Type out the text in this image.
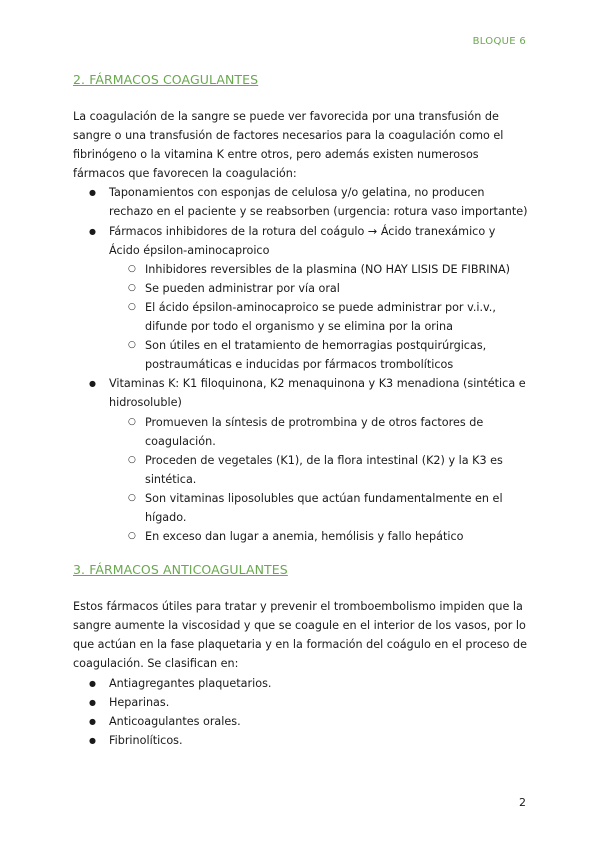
BLOQUE 6
2. FÁRMACOS COAGULANTES

La coagulación de la sangre se puede ver favorecida por una transfusión de sangre o una transfusión de factores necesarios para la coagulación como el fibrinógeno o la vitamina K entre otros, pero además existen numerosos fármacos que favorecen la coagulación:

● Taponamientos con esponjas de celulosa y/o gelatina, no producen rechazo en el paciente y se reabsorben (urgencia: rotura vaso importante)
● Fármacos inhibidores de la rotura del coágulo → Ácido tranexámico y Ácido épsilon-aminocaproico
○ Inhibidores reversibles de la plasmina (NO HAY LISIS DE FIBRINA)
○ Se pueden administrar por vía oral
○ El ácido épsilon-aminocaproico se puede administrar por v.i.v., difunde por todo el organismo y se elimina por la orina
○ Son útiles en el tratamiento de hemorragias postquirúrgicas, postraumáticas e inducidas por fármacos trombolíticos
● Vitaminas K: K1 filoquinona, K2 menaquinona y K3 menadiona (sintética e hidrosoluble)
○ Promueven la síntesis de protrombina y de otros factores de coagulación.
○ Proceden de vegetales (K1), de la flora intestinal (K2) y la K3 es sintética.
○ Son vitaminas liposolubles que actúan fundamentalmente en el hígado.
○ En exceso dan lugar a anemia, hemólisis y fallo hepático
3. FÁRMACOS ANTICOAGULANTES

Estos fármacos útiles para tratar y prevenir el tromboembolismo impiden que la sangre aumente la viscosidad y que se coagule en el interior de los vasos, por lo que actúan en la fase plaquetaria y en la formación del coágulo en el proceso de coagulación. Se clasifican en:

● Antiagregantes plaquetarios.
● Heparinas.
● Anticoagulantes orales.
● Fibrinolíticos.
2
